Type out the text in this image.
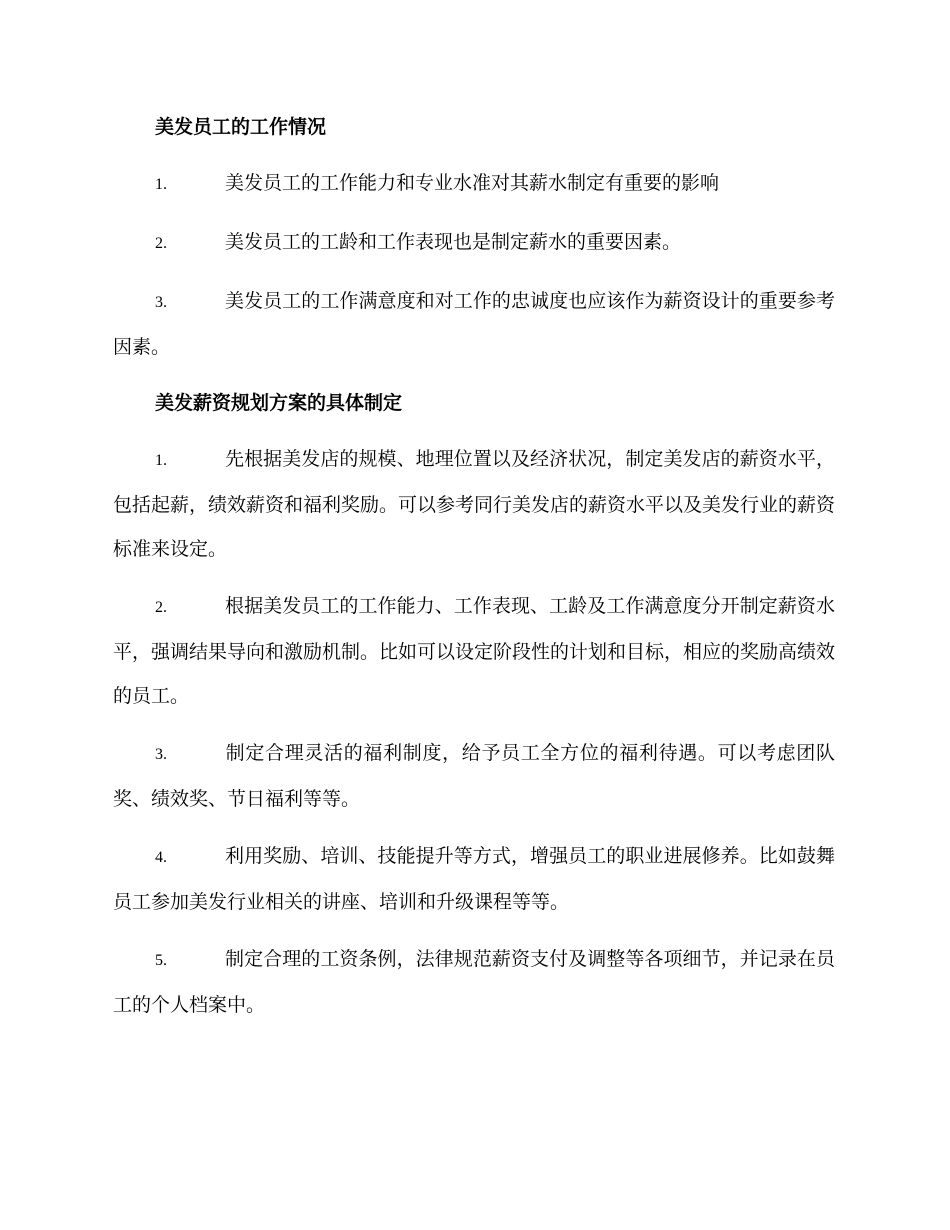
美发员工的工作情况

1.	美发员工的工作能力和专业水准对其薪水制定有重要的影响

2.	美发员工的工龄和工作表现也是制定薪水的重要因素。

3.	美发员工的工作满意度和对工作的忠诚度也应该作为薪资设计的重要参考因素。

美发薪资规划方案的具体制定

1.	先根据美发店的规模、地理位置以及经济状况，制定美发店的薪资水平，包括起薪，绩效薪资和福利奖励。可以参考同行美发店的薪资水平以及美发行业的薪资标准来设定。

2.	根据美发员工的工作能力、工作表现、工龄及工作满意度分开制定薪资水平，强调结果导向和激励机制。比如可以设定阶段性的计划和目标，相应的奖励高绩效的员工。

3.	制定合理灵活的福利制度，给予员工全方位的福利待遇。可以考虑团队奖、绩效奖、节日福利等等。

4.	利用奖励、培训、技能提升等方式，增强员工的职业进展修养。比如鼓舞员工参加美发行业相关的讲座、培训和升级课程等等。

5.	制定合理的工资条例，法律规范薪资支付及调整等各项细节，并记录在员工的个人档案中。
